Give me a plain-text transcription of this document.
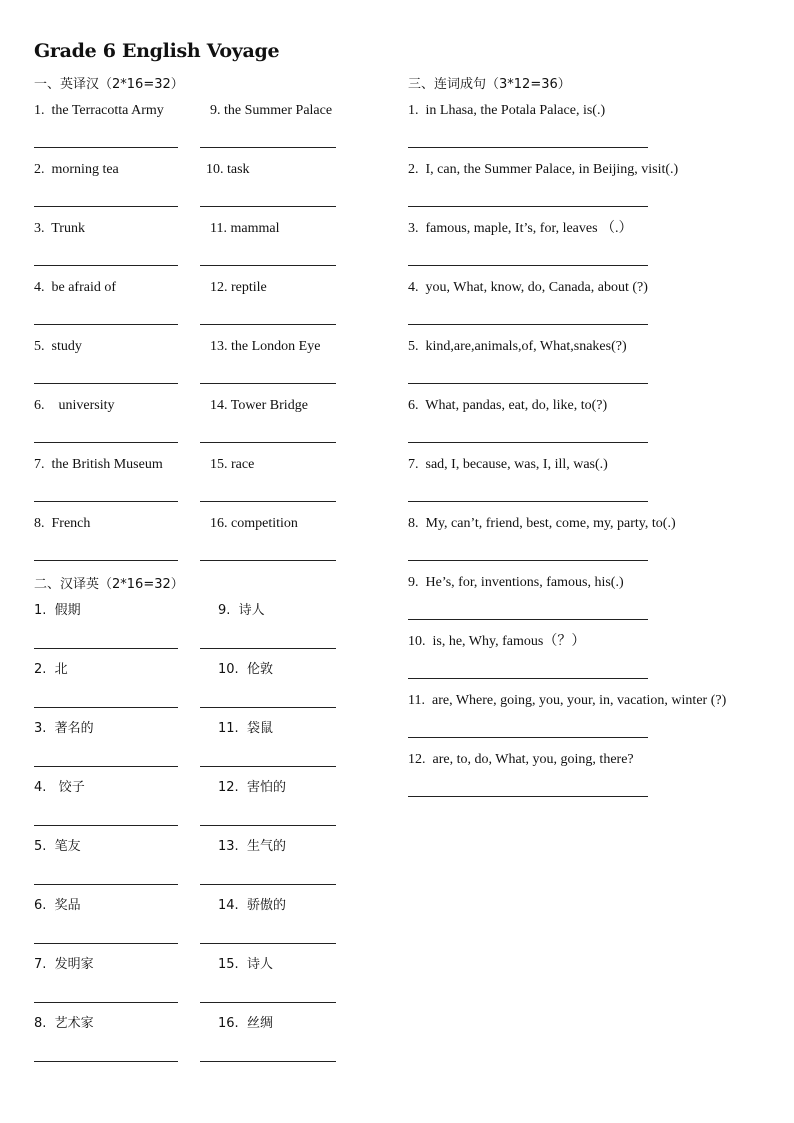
Grade 6 English Voyage
一、英译汉（2*16=32）
1.  the Terracotta Army	9. the Summer Palace
2.  morning tea	10. task
3.  Trunk	11. mammal
4.  be afraid of	12. reptile
5.  study	13. the London Eye
6.    university	14. Tower Bridge
7.  the British Museum	15. race
8.  French	16. competition
二、汉译英（2*16=32）
1.  假期	9.  诗人
2.  北	10.  伦敦
3.  著名的	11.  袋鼠
4.   饺子	12.  害怕的
5.  笔友	13.  生气的
6.  奖品	14.  骄傲的
7.  发明家	15.  诗人
8.  艺术家	16.  丝绸
三、连词成句（3*12=36）
1.  in Lhasa, the Potala Palace, is(.)
2.  I, can, the Summer Palace, in Beijing, visit(.)
3.  famous, maple, It’s, for, leaves （.）
4.  you, What, know, do, Canada, about (?)
5.  kind,are,animals,of, What,snakes(?)
6.  What, pandas, eat, do, like, to(?)
7.  sad, I, because, was, I, ill, was(.)
8.  My, can’t, friend, best, come, my, party, to(.)
9.  He’s, for, inventions, famous, his(.)
10.  is, he, Why, famous（？）
11.  are, Where, going, you, your, in, vacation, winter (?)
12.  are, to, do, What, you, going, there?
